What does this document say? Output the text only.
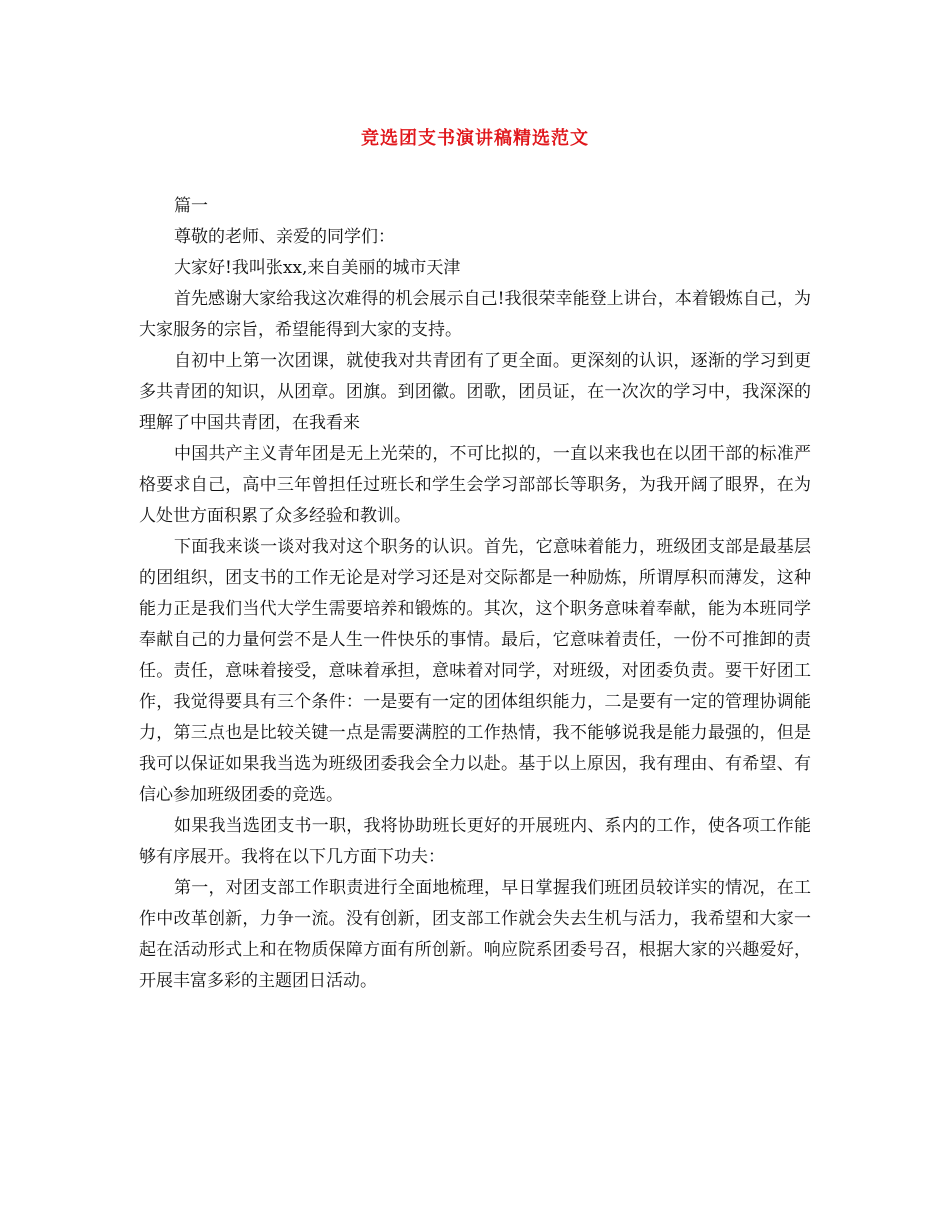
竞选团支书演讲稿精选范文

篇一

尊敬的老师、亲爱的同学们：

大家好!我叫张xx,来自美丽的城市天津

首先感谢大家给我这次难得的机会展示自己!我很荣幸能登上讲台，本着锻炼自己，为大家服务的宗旨，希望能得到大家的支持。

自初中上第一次团课，就使我对共青团有了更全面。更深刻的认识，逐渐的学习到更多共青团的知识，从团章。团旗。到团徽。团歌，团员证，在一次次的学习中，我深深的理解了中国共青团，在我看来

中国共产主义青年团是无上光荣的，不可比拟的，一直以来我也在以团干部的标准严格要求自己，高中三年曾担任过班长和学生会学习部部长等职务，为我开阔了眼界，在为人处世方面积累了众多经验和教训。

下面我来谈一谈对我对这个职务的认识。首先，它意味着能力，班级团支部是最基层的团组织，团支书的工作无论是对学习还是对交际都是一种励炼，所谓厚积而薄发，这种能力正是我们当代大学生需要培养和锻炼的。其次，这个职务意味着奉献，能为本班同学奉献自己的力量何尝不是人生一件快乐的事情。最后，它意味着责任，一份不可推卸的责任。责任，意味着接受，意味着承担，意味着对同学，对班级，对团委负责。要干好团工作，我觉得要具有三个条件：一是要有一定的团体组织能力，二是要有一定的管理协调能力，第三点也是比较关键一点是需要满腔的工作热情，我不能够说我是能力最强的，但是我可以保证如果我当选为班级团委我会全力以赴。基于以上原因，我有理由、有希望、有信心参加班级团委的竞选。

如果我当选团支书一职，我将协助班长更好的开展班内、系内的工作，使各项工作能够有序展开。我将在以下几方面下功夫：

第一，对团支部工作职责进行全面地梳理，早日掌握我们班团员较详实的情况，在工作中改革创新，力争一流。没有创新，团支部工作就会失去生机与活力，我希望和大家一起在活动形式上和在物质保障方面有所创新。响应院系团委号召，根据大家的兴趣爱好，开展丰富多彩的主题团日活动。
